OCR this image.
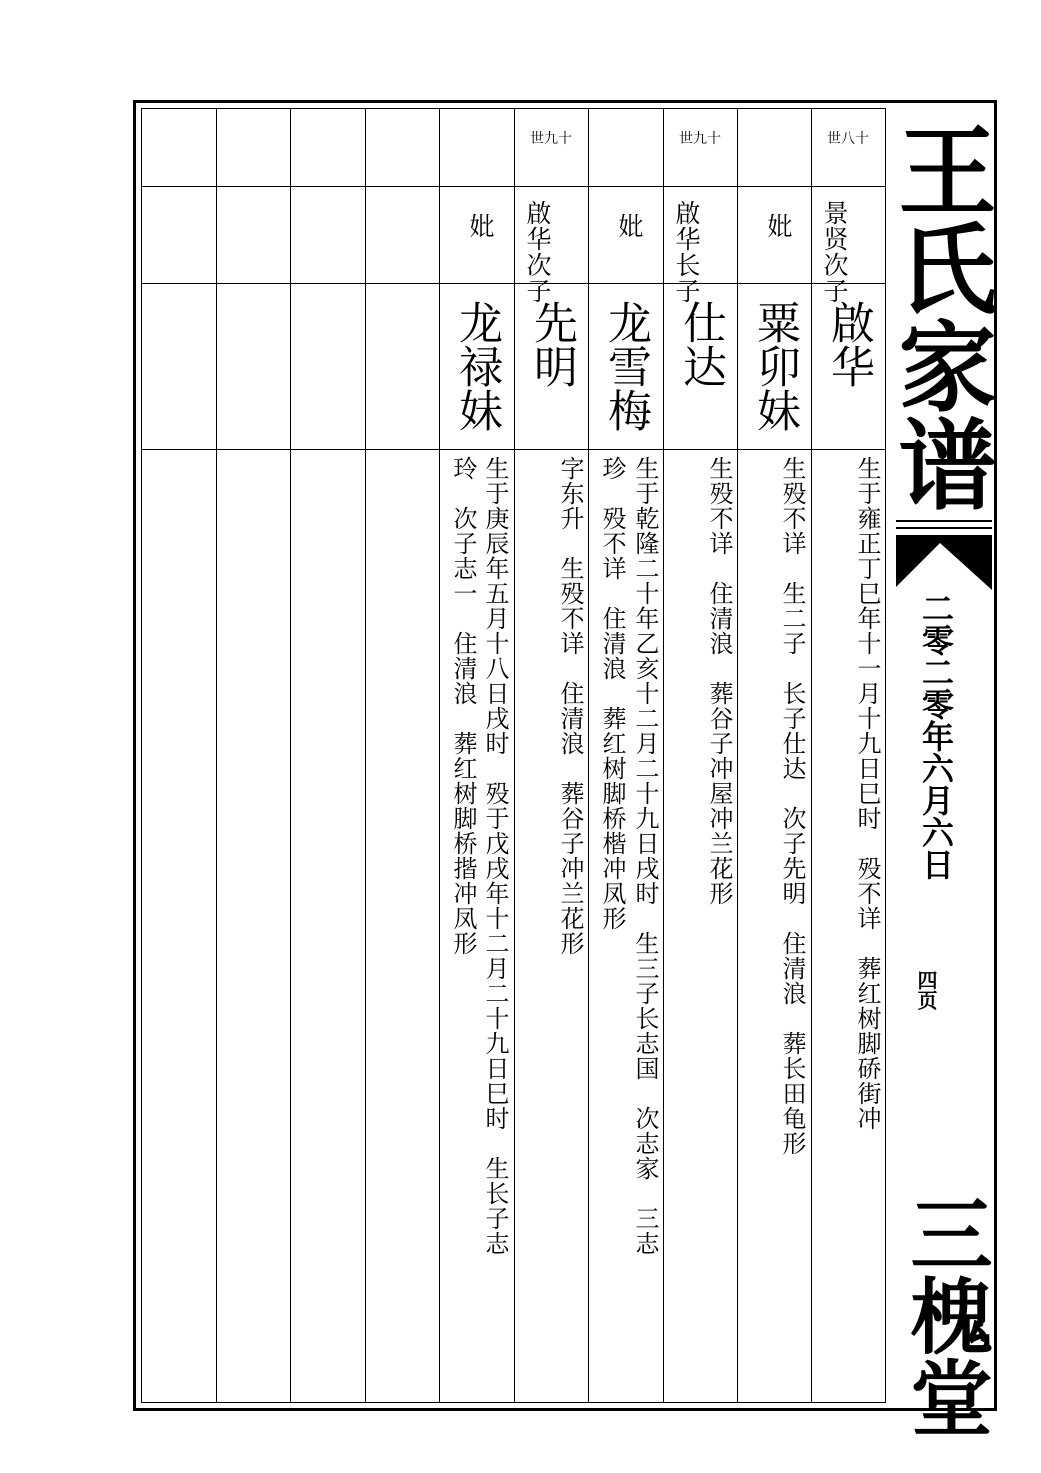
世八十
景贤次子
啟华
生于雍正丁巳年十一月十九日巳时　殁不详　葬红树脚硚街冲
妣
粟卯妹
生殁不详　生二子　长子仕达　次子先明　住清浪　葬长田龟形
世九十
啟华长子
仕达
生殁不详　住清浪　葬谷子冲屋冲兰花形
妣
龙雪梅
生于乾隆二十年乙亥十二月二十九日戌时　生三子长志国　次志家　三志
珍　殁不详　住清浪　葬红树脚桥楷冲凤形
世九十
啟华次子
先明
字东升　生殁不详　住清浪　葬谷子冲兰花形
妣
龙禄妹
生于庚辰年五月十八日戌时　殁于戊戌年十二月二十九日巳时　生长子志
玲　次子志一　住清浪　葬红树脚桥揩冲凤形
王氏家谱
二零二零年六月六日
四页
三槐堂
